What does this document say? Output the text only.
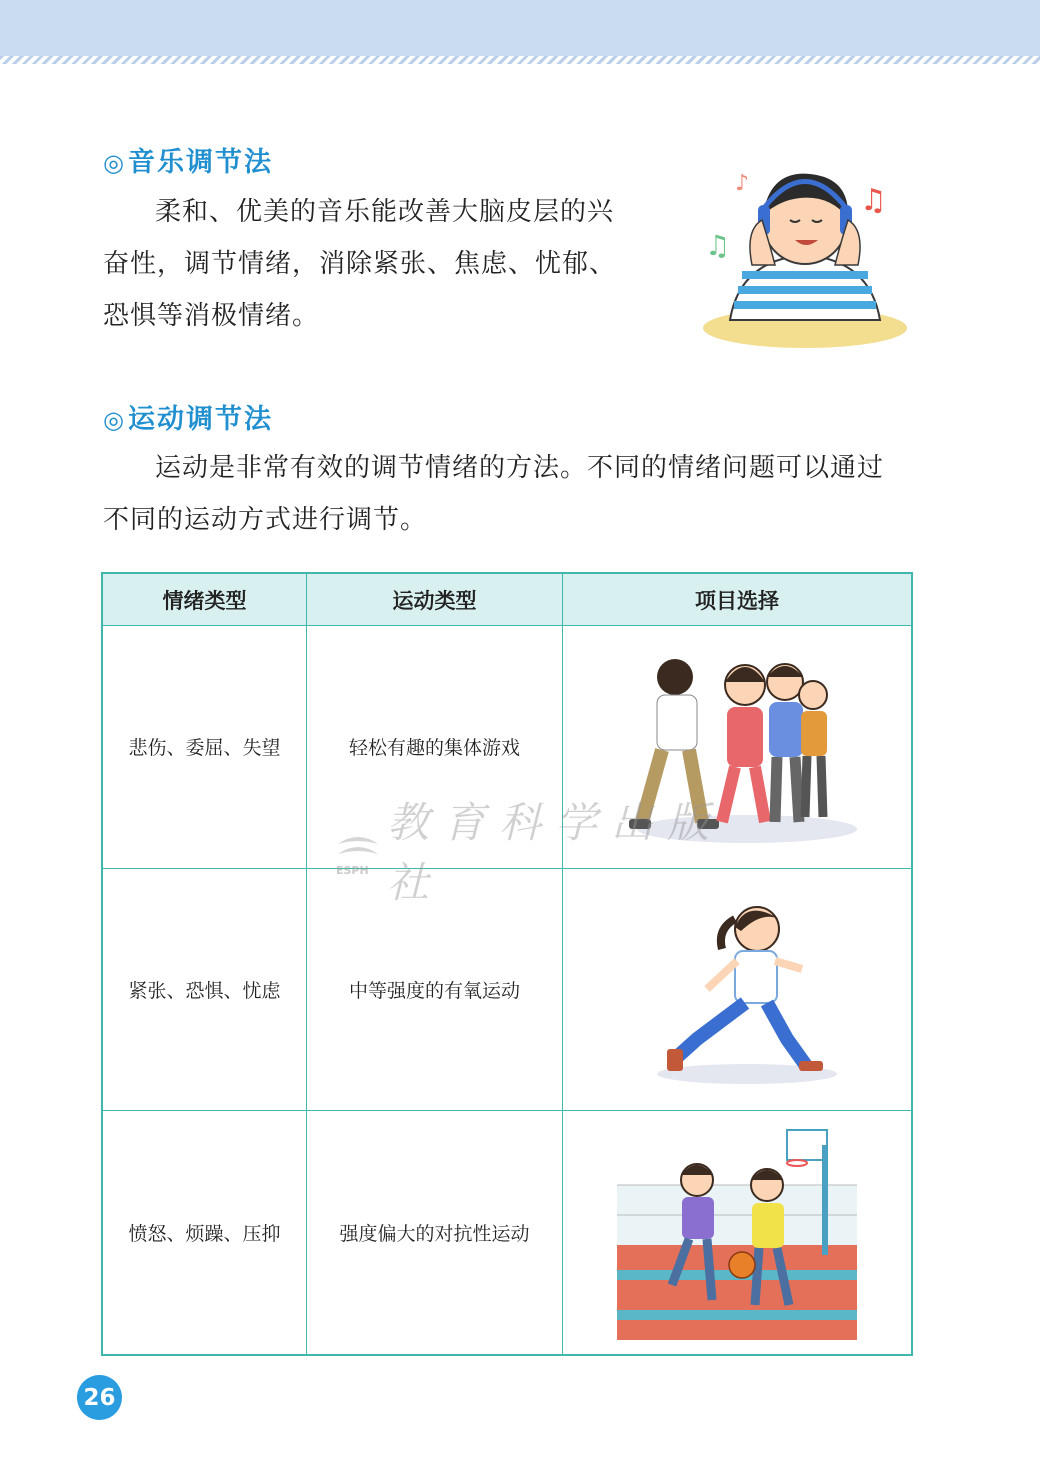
◎音乐调节法
柔和、优美的音乐能改善大脑皮层的兴
奋性，调节情绪，消除紧张、焦虑、忧郁、
恐惧等消极情绪。
♪	♫
♫
◎运动调节法
运动是非常有效的调节情绪的方法。不同的情绪问题可以通过
不同的运动方式进行调节。
情绪类型	运动类型	项目选择
悲伤、委屈、失望	轻松有趣的集体游戏
紧张、恐惧、忧虑	中等强度的有氧运动
愤怒、烦躁、压抑	强度偏大的对抗性运动
ESPH
教育科学出版社
26
